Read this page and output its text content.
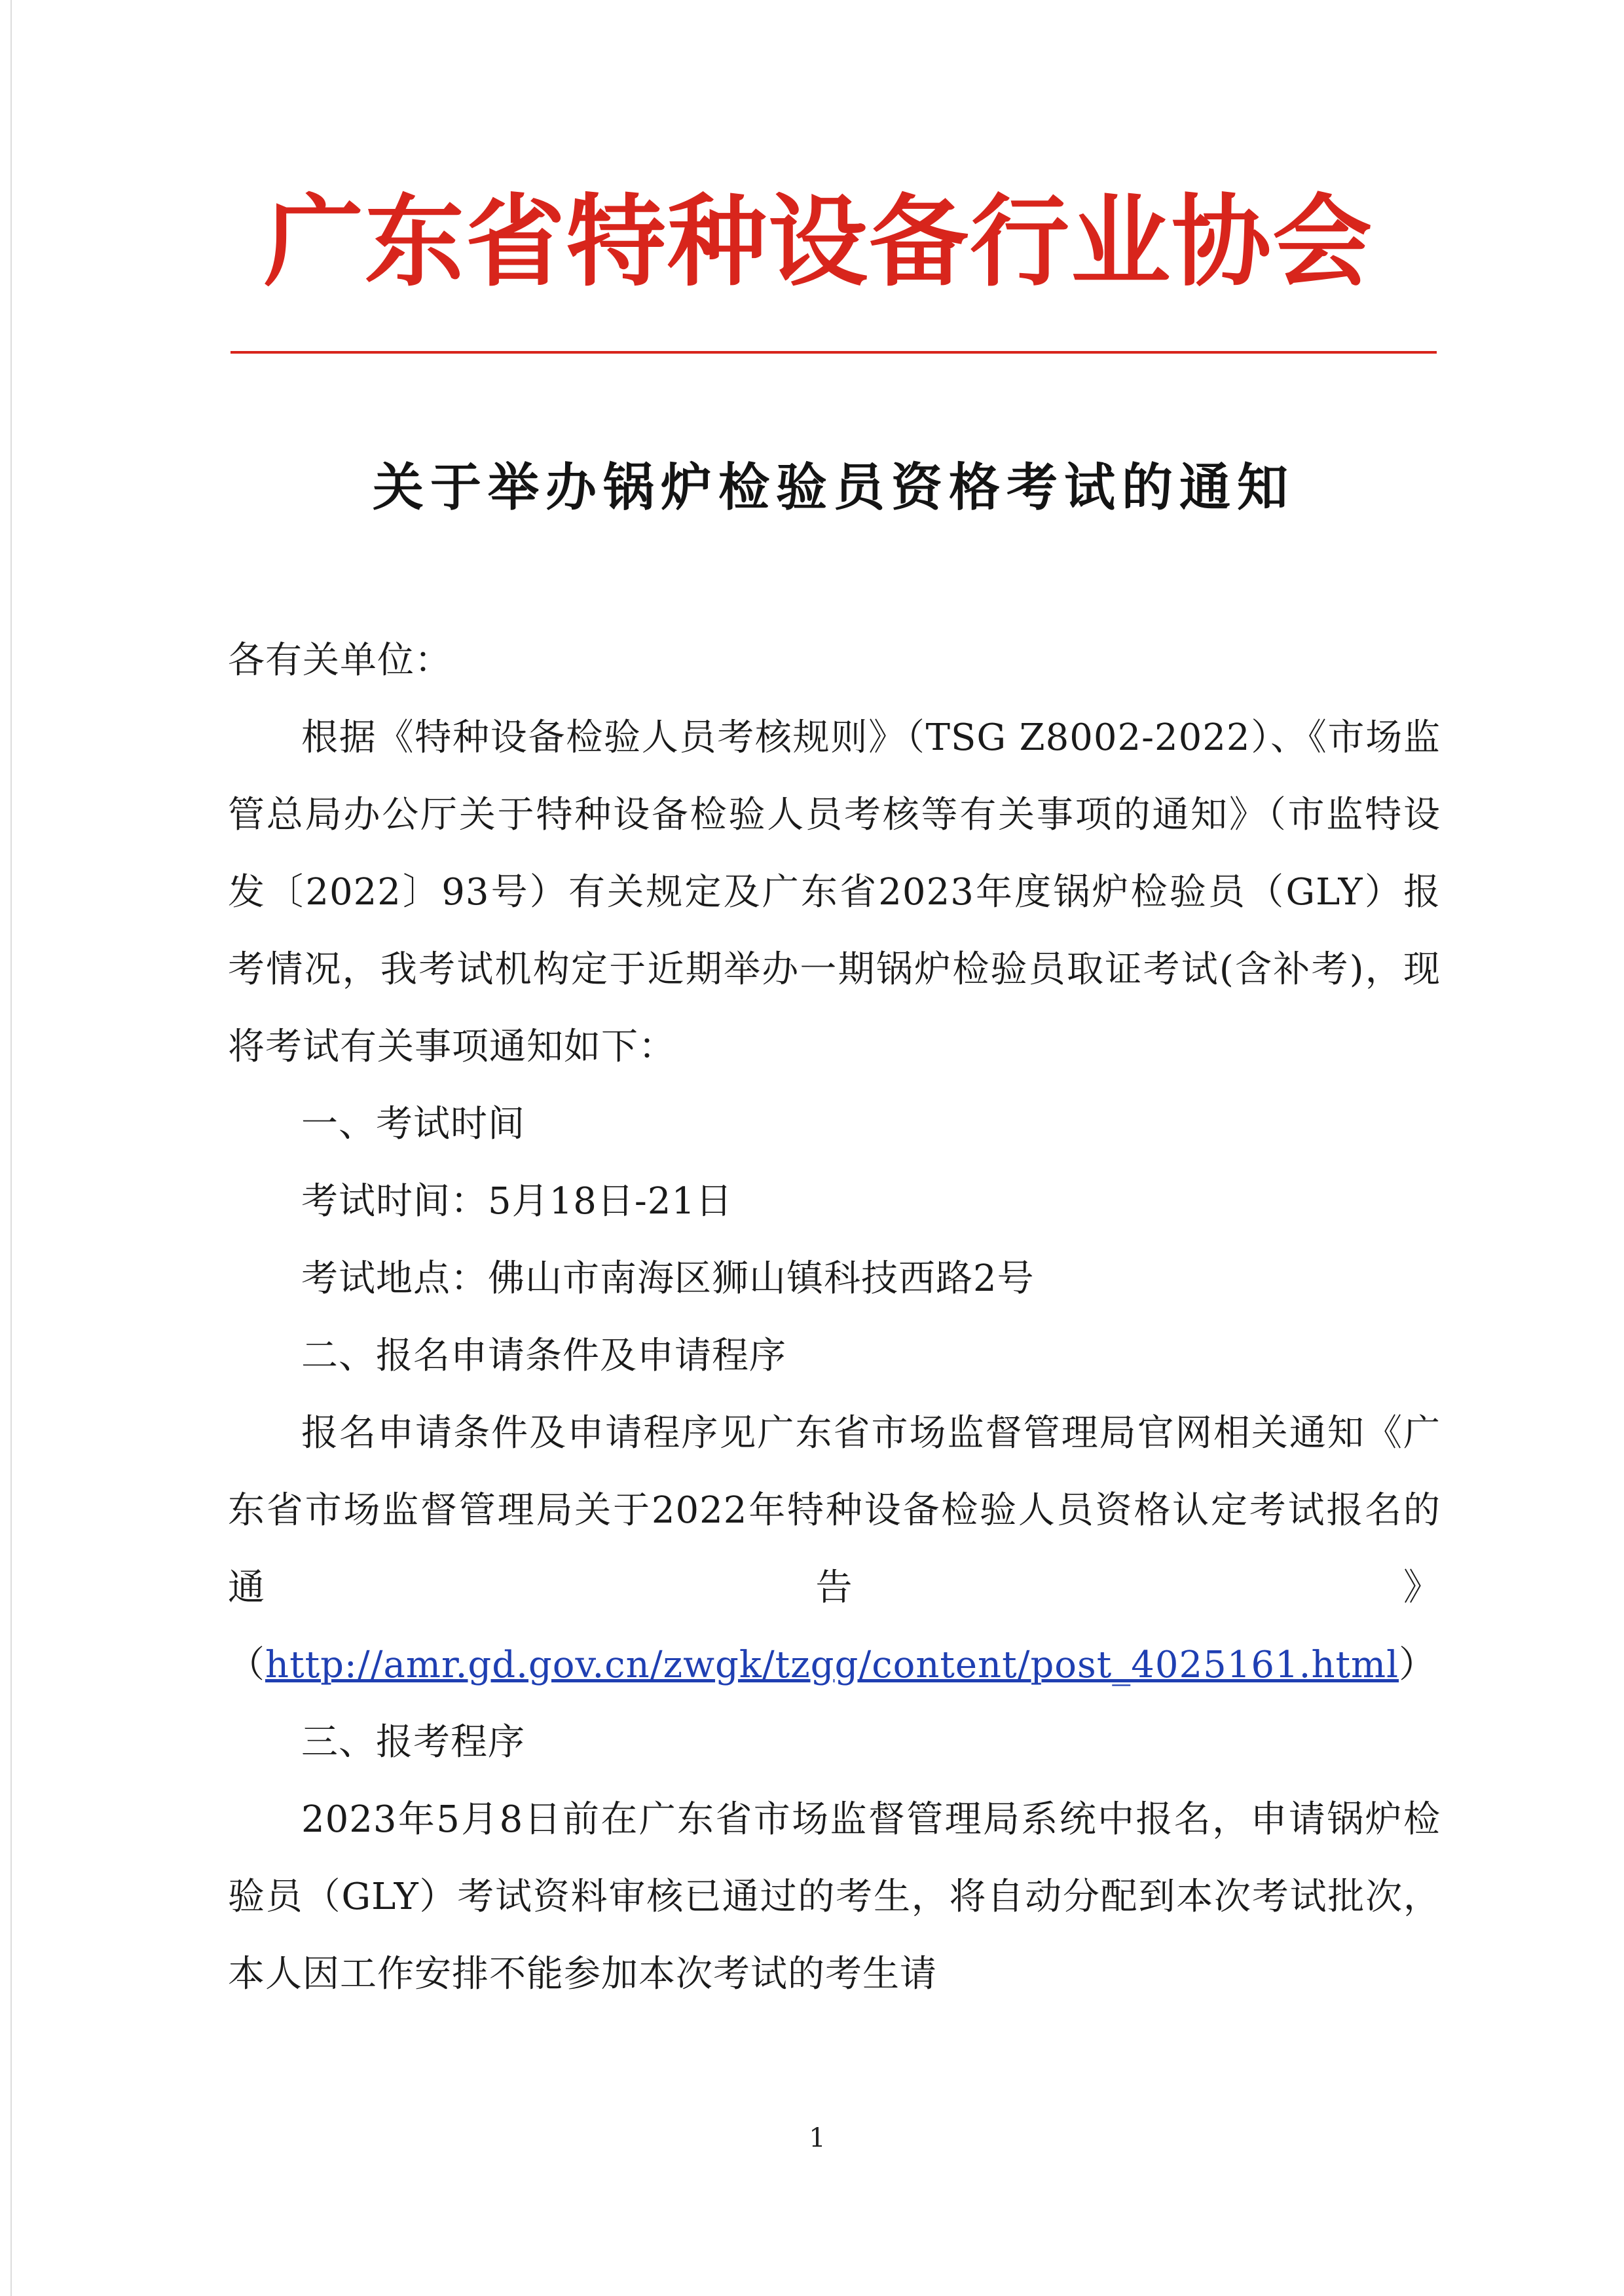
广东省特种设备行业协会
关于举办锅炉检验员资格考试的通知

各有关单位：

根据《特种设备检验人员考核规则》（TSG Z8002-2022）、《市场监管总局办公厅关于特种设备检验人员考核等有关事项的通知》（市监特设发〔2022〕93号）有关规定及广东省2023年度锅炉检验员（GLY）报考情况，我考试机构定于近期举办一期锅炉检验员取证考试(含补考)，现将考试有关事项通知如下：

一、考试时间

考试时间：5月18日-21日

考试地点：佛山市南海区狮山镇科技西路2号

二、报名申请条件及申请程序

报名申请条件及申请程序见广东省市场监督管理局官网相关通知《广东省市场监督管理局关于2022年特种设备检验人员资格认定考试报名的通告》

（http://amr.gd.gov.cn/zwgk/tzgg/content/post_4025161.html）

三、报考程序

2023年5月8日前在广东省市场监督管理局系统中报名，申请锅炉检验员（GLY）考试资料审核已通过的考生，将自动分配到本次考试批次，本人因工作安排不能参加本次考试的考生请

1
